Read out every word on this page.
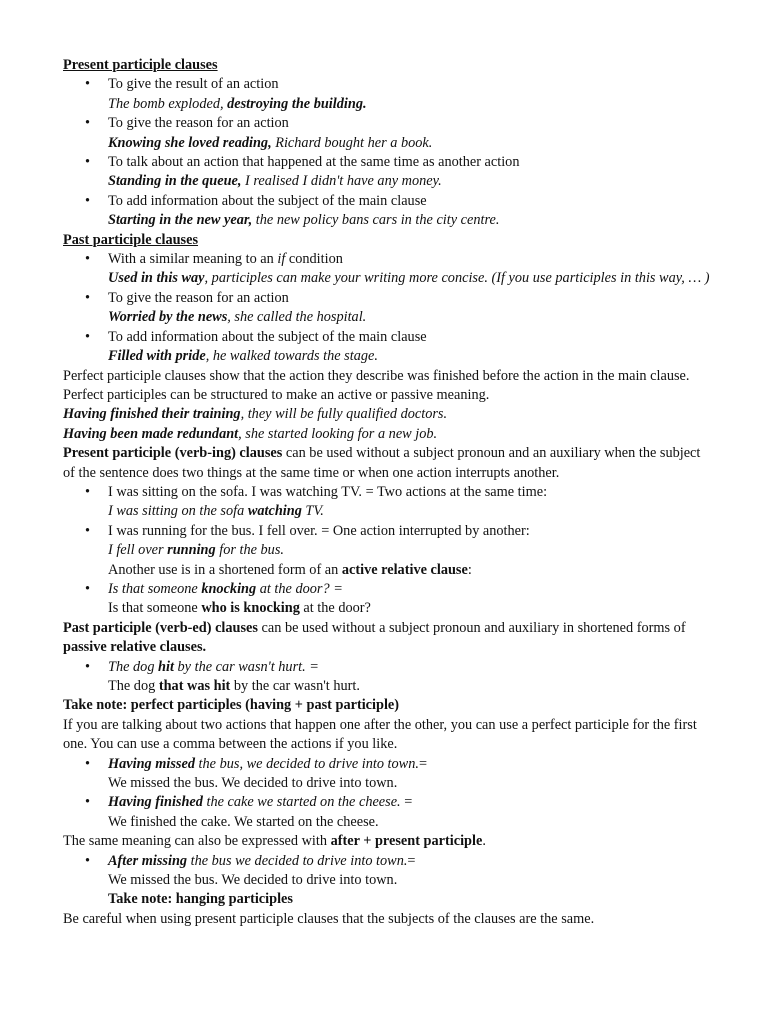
Present participle clauses
• To give the result of an action
The bomb exploded, destroying the building.
• To give the reason for an action
Knowing she loved reading, Richard bought her a book.
• To talk about an action that happened at the same time as another action
Standing in the queue, I realised I didn't have any money.
• To add information about the subject of the main clause
Starting in the new year, the new policy bans cars in the city centre.
Past participle clauses
• With a similar meaning to an if condition
Used in this way, participles can make your writing more concise. (If you use participles in this way, … )
• To give the reason for an action
Worried by the news, she called the hospital.
• To add information about the subject of the main clause
Filled with pride, he walked towards the stage.

Perfect participle clauses show that the action they describe was finished before the action in the main clause. Perfect participles can be structured to make an active or passive meaning.

Having finished their training, they will be fully qualified doctors.

Having been made redundant, she started looking for a new job.

Present participle (verb-ing) clauses can be used without a subject pronoun and an auxiliary when the subject of the sentence does two things at the same time or when one action interrupts another.

• I was sitting on the sofa. I was watching TV. = Two actions at the same time:
I was sitting on the sofa watching TV.
• I was running for the bus. I fell over. = One action interrupted by another:
I fell over running for the bus.
Another use is in a shortened form of an active relative clause:
• Is that someone knocking at the door? =
Is that someone who is knocking at the door?

Past participle (verb-ed) clauses can be used without a subject pronoun and auxiliary in shortened forms of passive relative clauses.

• The dog hit by the car wasn't hurt. =
The dog that was hit by the car wasn't hurt.

Take note: perfect participles (having + past participle)

If you are talking about two actions that happen one after the other, you can use a perfect participle for the first one. You can use a comma between the actions if you like.

• Having missed the bus, we decided to drive into town.=
We missed the bus. We decided to drive into town.
• Having finished the cake we started on the cheese. =
We finished the cake. We started on the cheese.

The same meaning can also be expressed with after + present participle.

• After missing the bus we decided to drive into town.=
We missed the bus. We decided to drive into town.
Take note: hanging participles

Be careful when using present participle clauses that the subjects of the clauses are the same.
